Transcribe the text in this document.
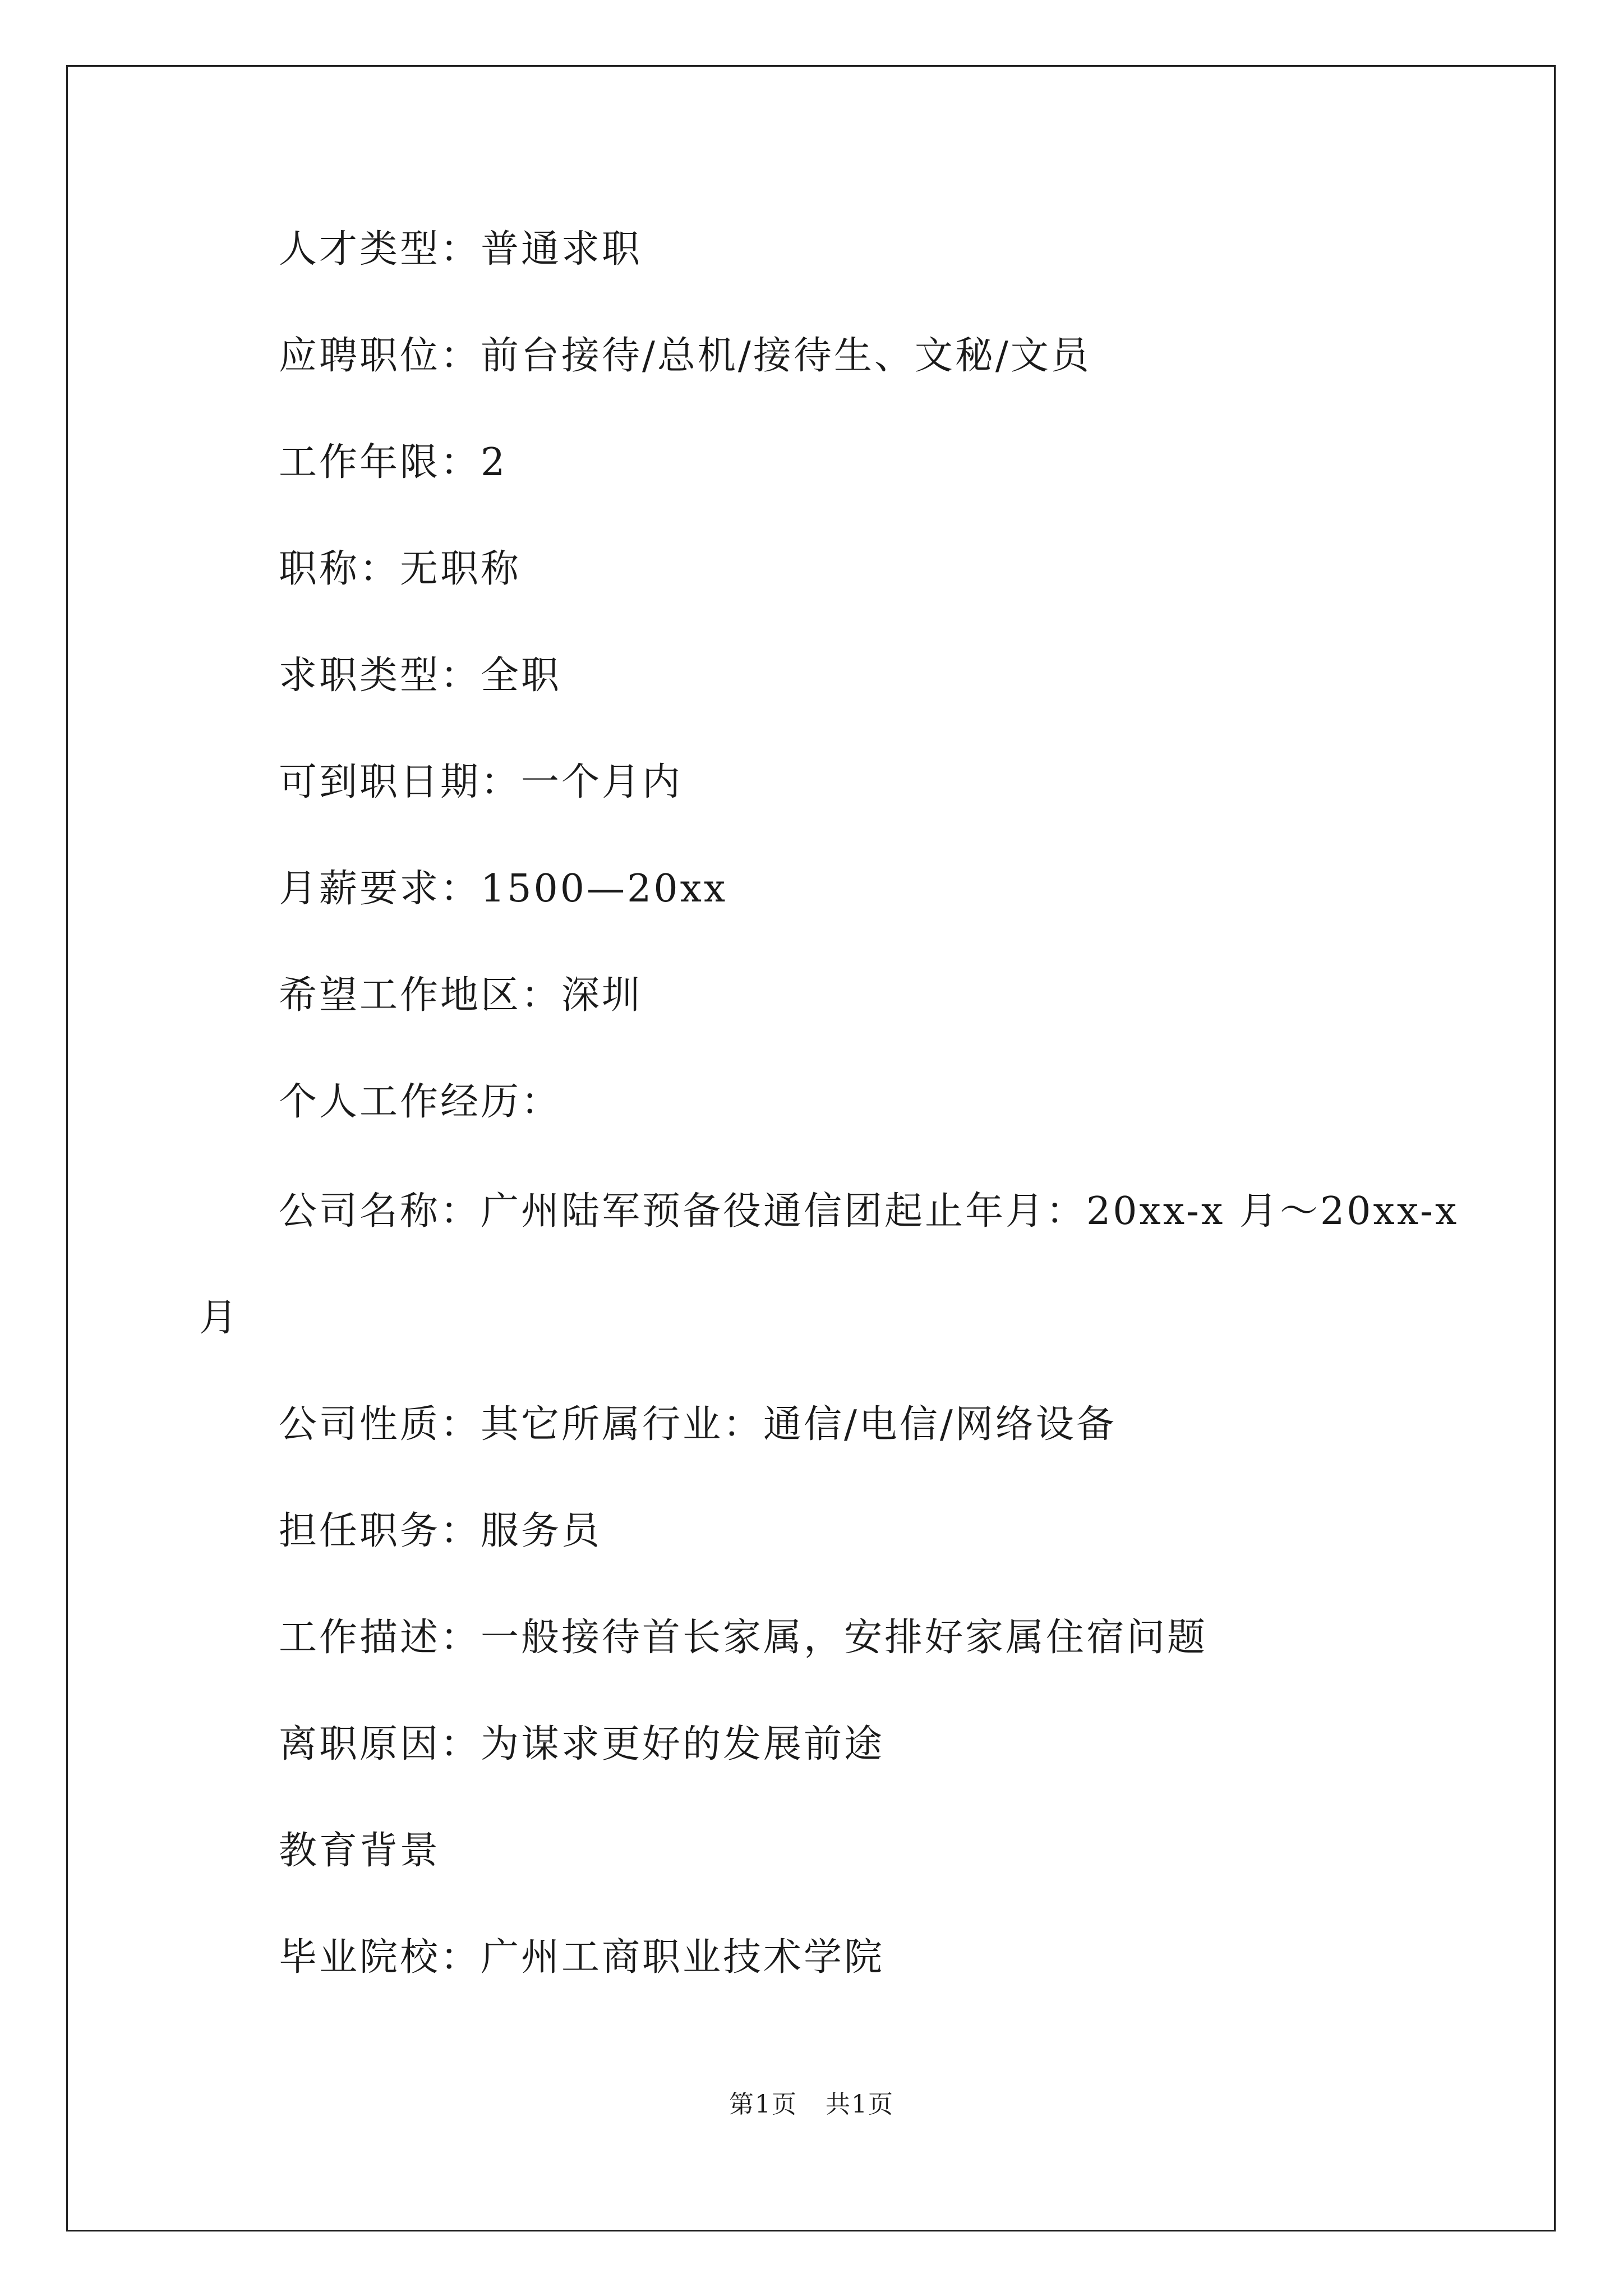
人才类型：普通求职
应聘职位：前台接待/总机/接待生、文秘/文员
工作年限：2
职称：无职称
求职类型：全职
可到职日期：一个月内
月薪要求：1500—20xx
希望工作地区：深圳
个人工作经历：
公司名称：广州陆军预备役通信团起止年月：20xx-x 月～20xx-x
月
公司性质：其它所属行业：通信/电信/网络设备
担任职务：服务员
工作描述：一般接待首长家属，安排好家属住宿问题
离职原因：为谋求更好的发展前途
教育背景
毕业院校：广州工商职业技术学院
第1页 共1页
